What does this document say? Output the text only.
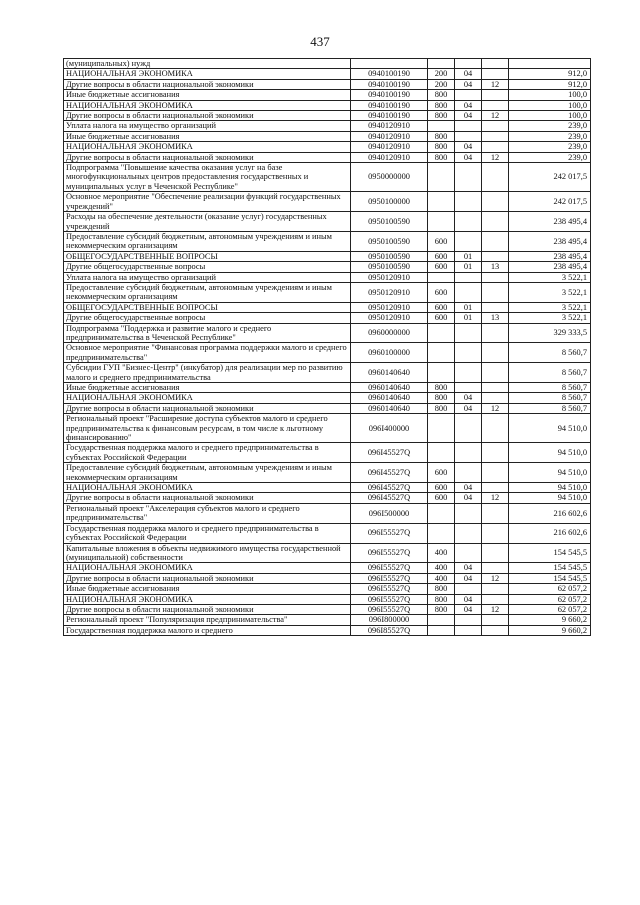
437
(муниципальных) нужд					
НАЦИОНАЛЬНАЯ ЭКОНОМИКА	0940100190	200	04		912,0
Другие вопросы в области национальной экономики	0940100190	200	04	12	912,0
Иные бюджетные ассигнования	0940100190	800			100,0
НАЦИОНАЛЬНАЯ ЭКОНОМИКА	0940100190	800	04		100,0
Другие вопросы в области национальной экономики	0940100190	800	04	12	100,0
Уплата налога на имущество организаций	0940120910				239,0
Иные бюджетные ассигнования	0940120910	800			239,0
НАЦИОНАЛЬНАЯ ЭКОНОМИКА	0940120910	800	04		239,0
Другие вопросы в области национальной экономики	0940120910	800	04	12	239,0
Подпрограмма "Повышение качества оказания услуг на базе многофункциональных центров предоставления государственных и муниципальных услуг в Чеченской Республике"	0950000000				242 017,5
Основное мероприятие "Обеспечение реализации функций государственных учреждений"	0950100000				242 017,5
Расходы на обеспечение деятельности (оказание услуг) государственных учреждений	0950100590				238 495,4
Предоставление субсидий бюджетным, автономным учреждениям и иным некоммерческим организациям	0950100590	600			238 495,4
ОБЩЕГОСУДАРСТВЕННЫЕ ВОПРОСЫ	0950100590	600	01		238 495,4
Другие общегосударственные вопросы	0950100590	600	01	13	238 495,4
Уплата налога на имущество организаций	0950120910				3 522,1
Предоставление субсидий бюджетным, автономным учреждениям и иным некоммерческим организациям	0950120910	600			3 522,1
ОБЩЕГОСУДАРСТВЕННЫЕ ВОПРОСЫ	0950120910	600	01		3 522,1
Другие общегосударственные вопросы	0950120910	600	01	13	3 522,1
Подпрограмма "Поддержка и развитие малого и среднего предпринимательства в Чеченской Республике"	0960000000				329 333,5
Основное мероприятие "Финансовая программа поддержки малого и среднего предпринимательства"	0960100000				8 560,7
Субсидии ГУП "Бизнес-Центр" (инкубатор) для реализации мер по развитию малого и среднего предпринимательства	0960140640				8 560,7
Иные бюджетные ассигнования	0960140640	800			8 560,7
НАЦИОНАЛЬНАЯ ЭКОНОМИКА	0960140640	800	04		8 560,7
Другие вопросы в области национальной экономики	0960140640	800	04	12	8 560,7
Региональный проект "Расширение доступа субъектов малого и среднего предпринимательства к финансовым ресурсам, в том числе к льготному финансированию"	096I400000				94 510,0
Государственная поддержка малого и среднего предпринимательства в субъектах Российской Федерации	096I45527Q				94 510,0
Предоставление субсидий бюджетным, автономным учреждениям и иным некоммерческим организациям	096I45527Q	600			94 510,0
НАЦИОНАЛЬНАЯ ЭКОНОМИКА	096I45527Q	600	04		94 510,0
Другие вопросы в области национальной экономики	096I45527Q	600	04	12	94 510,0
Региональный проект "Акселерация субъектов малого и среднего предпринимательства"	096I500000				216 602,6
Государственная поддержка малого и среднего предпринимательства в субъектах Российской Федерации	096I55527Q				216 602,6
Капитальные вложения в объекты недвижимого имущества государственной (муниципальной) собственности	096I55527Q	400			154 545,5
НАЦИОНАЛЬНАЯ ЭКОНОМИКА	096I55527Q	400	04		154 545,5
Другие вопросы в области национальной экономики	096I55527Q	400	04	12	154 545,5
Иные бюджетные ассигнования	096I55527Q	800			62 057,2
НАЦИОНАЛЬНАЯ ЭКОНОМИКА	096I55527Q	800	04		62 057,2
Другие вопросы в области национальной экономики	096I55527Q	800	04	12	62 057,2
Региональный проект "Популяризация предпринимательства"	096I800000				9 660,2
Государственная поддержка малого и среднего	096I85527Q				9 660,2
